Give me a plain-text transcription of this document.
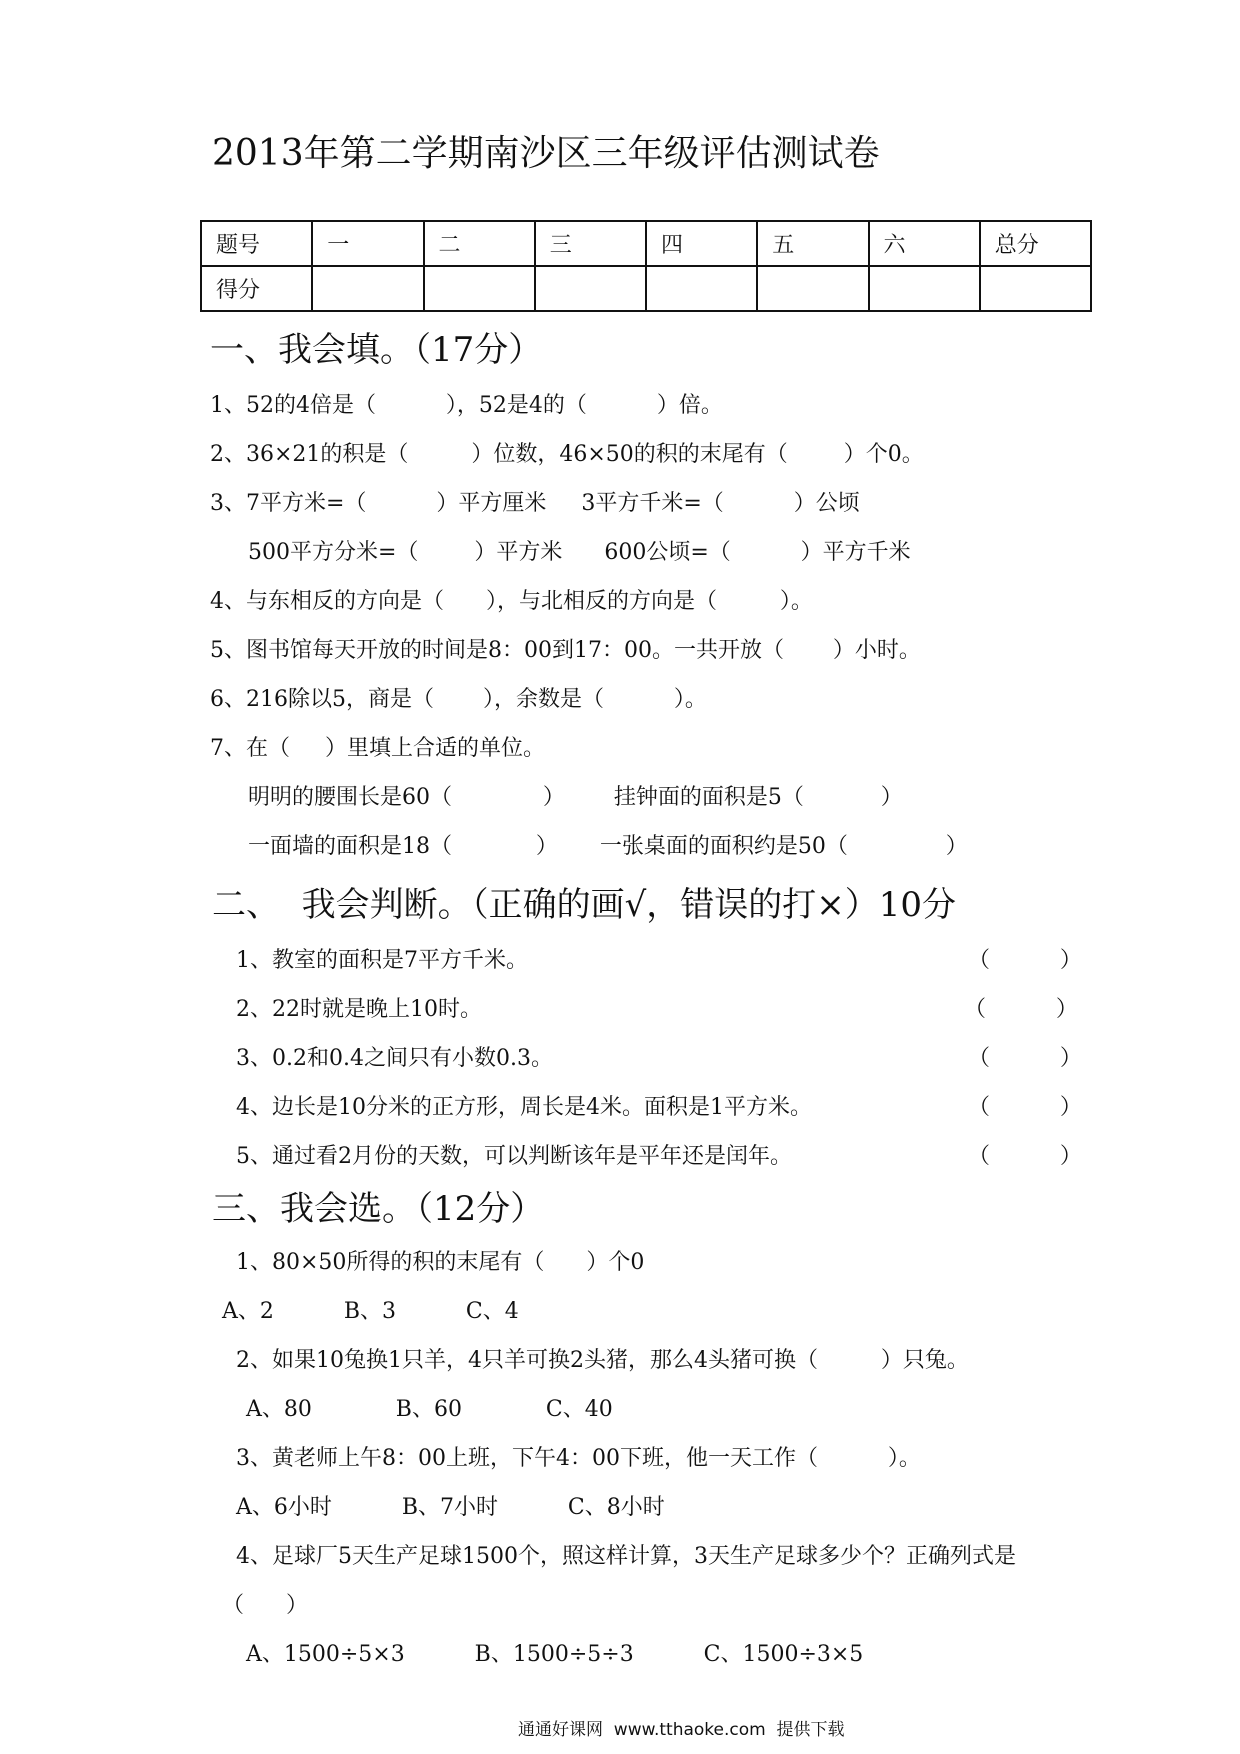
2013年第二学期南沙区三年级评估测试卷
题号	一	二	三	四	五	六	总分
得分							
一、我会填。（17分）
1、52的4倍是（          ），52是4的（          ）倍。
2、36×21的积是（         ）位数，46×50的积的末尾有（        ）个0。
3、7平方米=（          ）平方厘米     3平方千米=（          ）公顷
500平方分米=（        ）平方米      600公顷=（          ）平方千米
4、与东相反的方向是（      ），与北相反的方向是（         ）。
5、图书馆每天开放的时间是8：00到17：00。一共开放（       ）小时。
6、216除以5，商是（       ），余数是（          ）。
7、在（     ）里填上合适的单位。
明明的腰围长是60（             ）       挂钟面的面积是5（           ）
一面墙的面积是18（            ）      一张桌面的面积约是50（              ）
二、  我会判断。（正确的画√，错误的打×）10分
1、教室的面积是7平方千米。	（          ）
2、22时就是晚上10时。	（          ）
3、0.2和0.4之间只有小数0.3。	（          ）
4、边长是10分米的正方形，周长是4米。面积是1平方米。	（          ）
5、通过看2月份的天数，可以判断该年是平年还是闰年。	（          ）
三、我会选。（12分）
1、80×50所得的积的末尾有（      ）个0
A、2          B、3          C、4
2、如果10兔换1只羊，4只羊可换2头猪，那么4头猪可换（         ）只兔。
A、80            B、60            C、40
3、黄老师上午8：00上班，下午4：00下班，他一天工作（          ）。
A、6小时          B、7小时          C、8小时
4、足球厂5天生产足球1500个，照这样计算，3天生产足球多少个？正确列式是
（      ）
A、1500÷5×3          B、1500÷5÷3          C、1500÷3×5
通通好课网  www.tthaoke.com  提供下载
